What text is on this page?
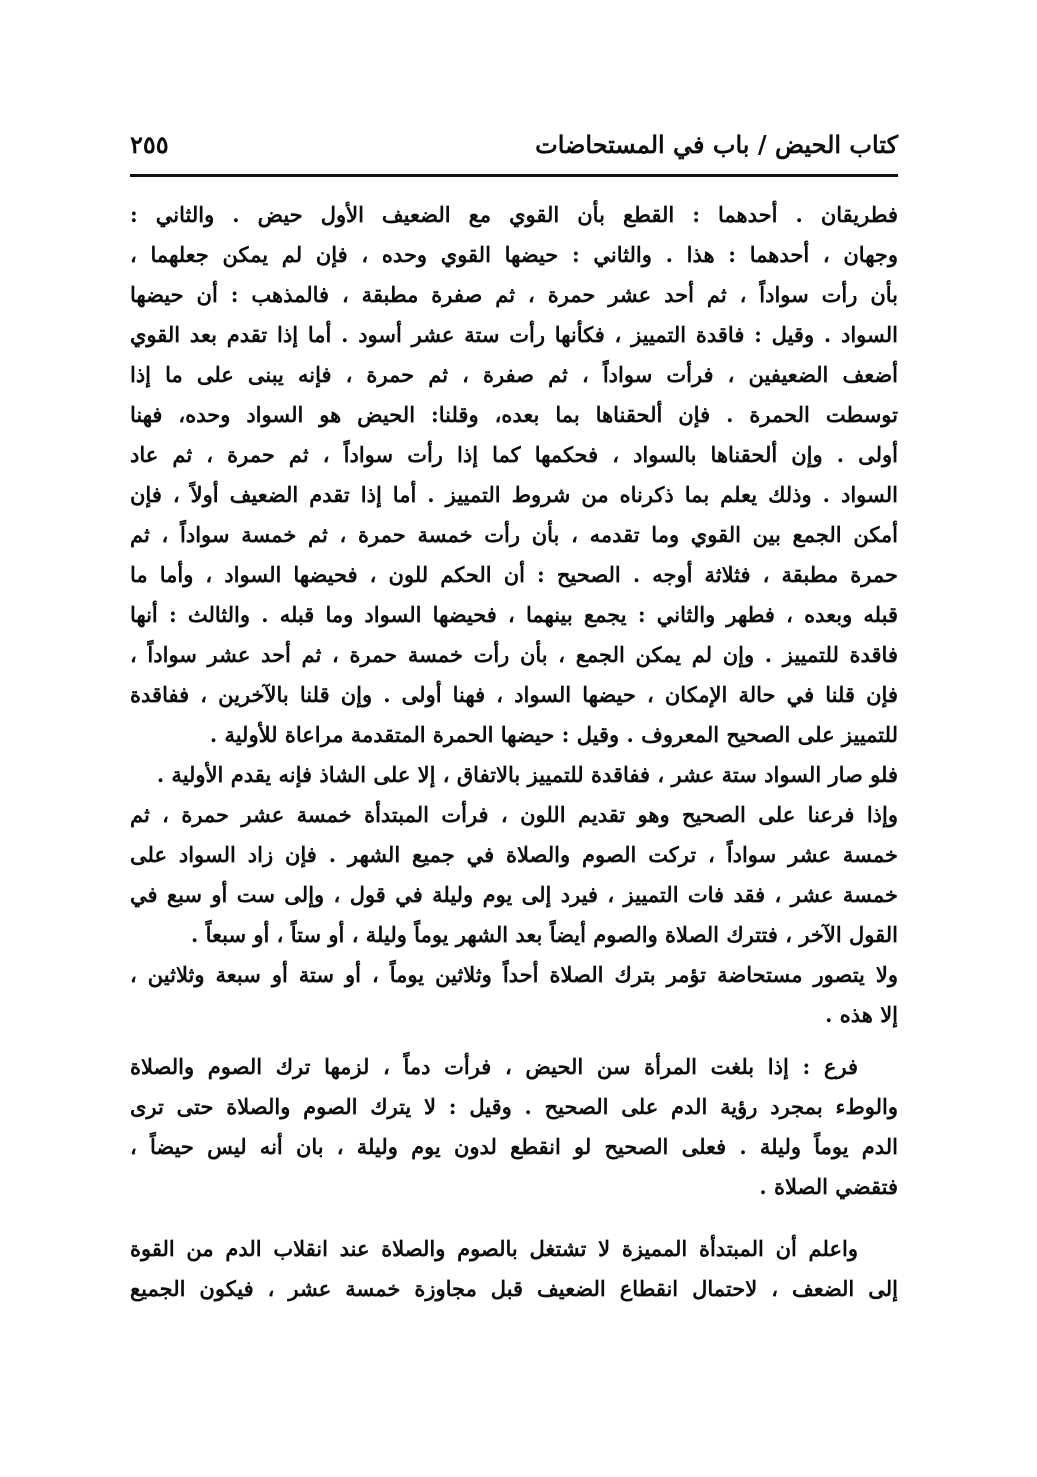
كتاب الحيض / باب في المستحاضات
٢٥٥
فطريقان . أحدهما : القطع بأن القوي مع الضعيف الأول حيض . والثاني :
وجهان ، أحدهما : هذا . والثاني : حيضها القوي وحده ، فإن لم يمكن جعلهما ،
بأن رأت سواداً ، ثم أحد عشر حمرة ، ثم صفرة مطبقة ، فالمذهب : أن حيضها
السواد . وقيل : فاقدة التمييز ، فكأنها رأت ستة عشر أسود . أما إذا تقدم بعد القوي
أضعف الضعيفين ، فرأت سواداً ، ثم صفرة ، ثم حمرة ، فإنه يبنى على ما إذا
توسطت الحمرة . فإن ألحقناها بما بعده، وقلنا: الحيض هو السواد وحده، فهنا
أولى . وإن ألحقناها بالسواد ، فحكمها كما إذا رأت سواداً ، ثم حمرة ، ثم عاد
السواد . وذلك يعلم بما ذكرناه من شروط التمييز . أما إذا تقدم الضعيف أولاً ، فإن
أمكن الجمع بين القوي وما تقدمه ، بأن رأت خمسة حمرة ، ثم خمسة سواداً ، ثم
حمرة مطبقة ، فثلاثة أوجه . الصحيح : أن الحكم للون ، فحيضها السواد ، وأما ما
قبله وبعده ، فطهر والثاني : يجمع بينهما ، فحيضها السواد وما قبله . والثالث : أنها
فاقدة للتمييز . وإن لم يمكن الجمع ، بأن رأت خمسة حمرة ، ثم أحد عشر سواداً ،
فإن قلنا في حالة الإمكان ، حيضها السواد ، فهنا أولى . وإن قلنا بالآخرين ، ففاقدة
للتمييز على الصحيح المعروف . وقيل : حيضها الحمرة المتقدمة مراعاة للأولية .
فلو صار السواد ستة عشر ، ففاقدة للتمييز بالاتفاق ، إلا على الشاذ فإنه يقدم الأولية .
وإذا فرعنا على الصحيح وهو تقديم اللون ، فرأت المبتدأة خمسة عشر حمرة ، ثم
خمسة عشر سواداً ، تركت الصوم والصلاة في جميع الشهر . فإن زاد السواد على
خمسة عشر ، فقد فات التمييز ، فيرد إلى يوم وليلة في قول ، وإلى ست أو سبع في
القول الآخر ، فتترك الصلاة والصوم أيضاً بعد الشهر يوماً وليلة ، أو ستاً ، أو سبعاً .
ولا يتصور مستحاضة تؤمر بترك الصلاة أحداً وثلاثين يوماً ، أو ستة أو سبعة وثلاثين ،
إلا هذه .
فرع : إذا بلغت المرأة سن الحيض ، فرأت دماً ، لزمها ترك الصوم والصلاة
والوطء بمجرد رؤية الدم على الصحيح . وقيل : لا يترك الصوم والصلاة حتى ترى
الدم يوماً وليلة . فعلى الصحيح لو انقطع لدون يوم وليلة ، بان أنه ليس حيضاً ،
فتقضي الصلاة .
واعلم أن المبتدأة المميزة لا تشتغل بالصوم والصلاة عند انقلاب الدم من القوة
إلى الضعف ، لاحتمال انقطاع الضعيف قبل مجاوزة خمسة عشر ، فيكون الجميع
